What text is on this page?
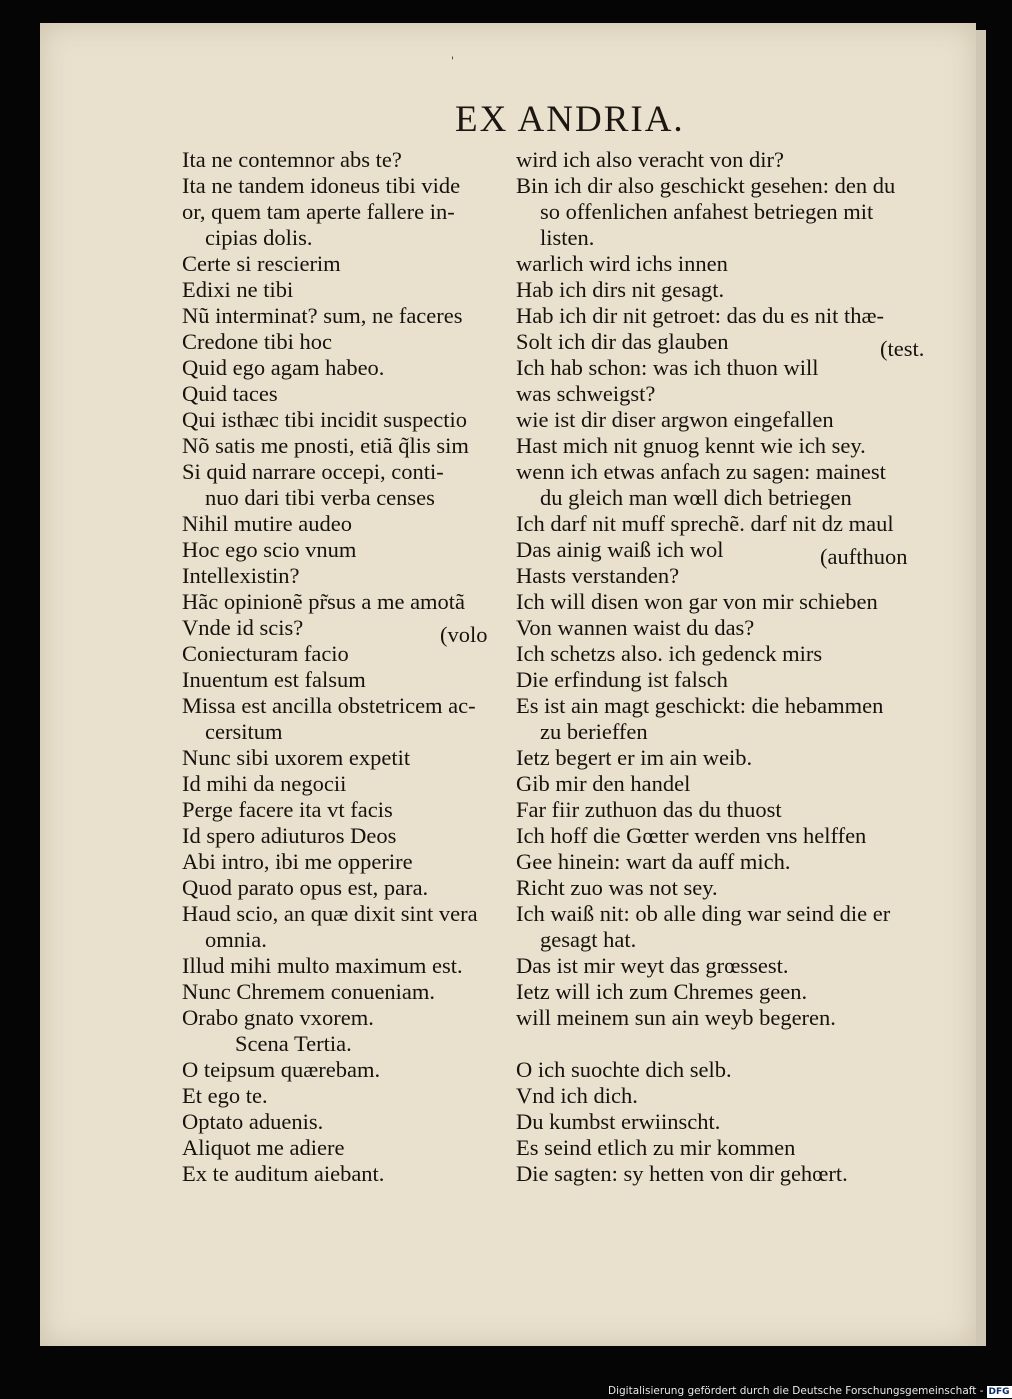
'
EX ANDRIA.
Ita ne contemnor abs te?
Ita ne tandem idoneus tibi vide
or, quem tam aperte fallere in-
cipias dolis.
Certe si rescierim
Edixi ne tibi
Nũ interminat? sum, ne faceres
Credone tibi hoc
Quid ego agam habeo.
Quid taces
Qui isthæc tibi incidit suspectio
Nõ satis me pnosti, etiã q̃lis sim
Si quid narrare occepi, conti-
nuo dari tibi verba censes
Nihil mutire audeo
Hoc ego scio vnum
Intellexistin?
Hãc opinionẽ pr̃sus a me amotã
Vnde id scis?
Coniecturam facio
Inuentum est falsum
Missa est ancilla obstetricem ac-
cersitum
Nunc sibi uxorem expetit
Id mihi da negocii
Perge facere ita vt facis
Id spero adiuturos Deos
Abi intro, ibi me opperire
Quod parato opus est, para.
Haud scio, an quæ dixit sint vera
omnia.
Illud mihi multo maximum est.
Nunc Chremem conueniam.
Orabo gnato vxorem.
Scena Tertia.
O teipsum quærebam.
Et ego te.
Optato aduenis.
Aliquot me adiere
Ex te auditum aiebant.
wird ich also veracht von dir?
Bin ich dir also geschickt gesehen: den du
so offenlichen anfahest betriegen mit
listen.
warlich wird ichs innen
Hab ich dirs nit gesagt.
Hab ich dir nit getroet: das du es nit thæ-
Solt ich dir das glauben
Ich hab schon: was ich thuon will
was schweigst?
wie ist dir diser argwon eingefallen
Hast mich nit gnuog kennt wie ich sey.
wenn ich etwas anfach zu sagen: mainest
du gleich man wœll dich betriegen
Ich darf nit muff sprechẽ. darf nit dz maul
Das ainig waiß ich wol
Hasts verstanden?
Ich will disen won gar von mir schieben
Von wannen waist du das?
Ich schetzs also. ich gedenck mirs
Die erfindung ist falsch
Es ist ain magt geschickt: die hebammen
zu berieffen
Ietz begert er im ain weib.
Gib mir den handel
Far fiir zuthuon das du thuost
Ich hoff die Gœtter werden vns helffen
Gee hinein: wart da auff mich.
Richt zuo was not sey.
Ich waiß nit: ob alle ding war seind die er
gesagt hat.
Das ist mir weyt das grœssest.
Ietz will ich zum Chremes geen.
will meinem sun ain weyb begeren.
O ich suochte dich selb.
Vnd ich dich.
Du kumbst erwiinscht.
Es seind etlich zu mir kommen
Die sagten: sy hetten von dir gehœrt.
(test.
(aufthuon
(volo
Digitalisierung gefördert durch die Deutsche Forschungsgemeinschaft - DFG
